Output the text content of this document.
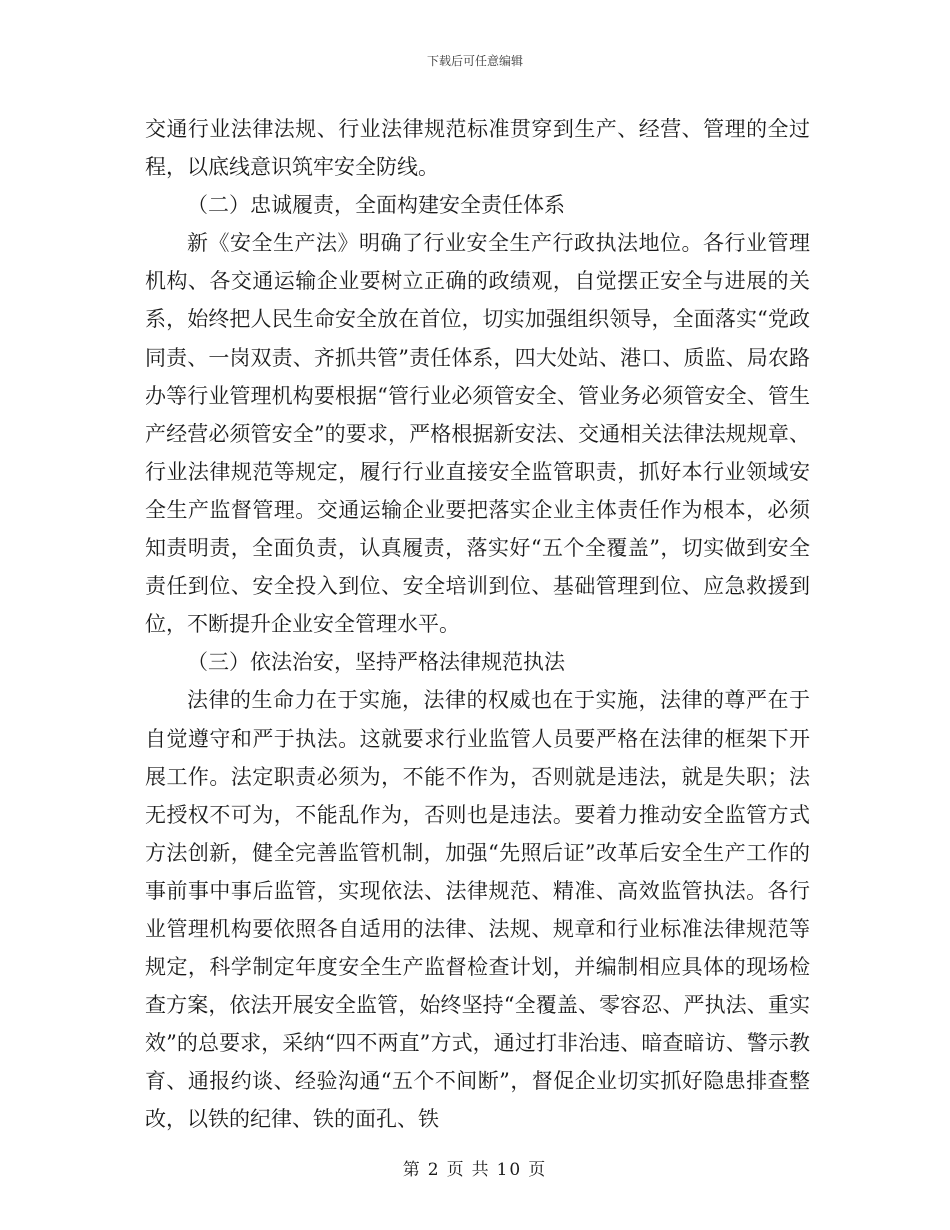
下载后可任意编辑

交通行业法律法规、行业法律规范标准贯穿到生产、经营、管理的全过程，以底线意识筑牢安全防线。

（二）忠诚履责，全面构建安全责任体系

新《安全生产法》明确了行业安全生产行政执法地位。各行业管理机构、各交通运输企业要树立正确的政绩观，自觉摆正安全与进展的关系，始终把人民生命安全放在首位，切实加强组织领导，全面落实“党政同责、一岗双责、齐抓共管”责任体系，四大处站、港口、质监、局农路办等行业管理机构要根据“管行业必须管安全、管业务必须管安全、管生产经营必须管安全”的要求，严格根据新安法、交通相关法律法规规章、行业法律规范等规定，履行行业直接安全监管职责，抓好本行业领域安全生产监督管理。交通运输企业要把落实企业主体责任作为根本，必须知责明责，全面负责，认真履责，落实好“五个全覆盖”，切实做到安全责任到位、安全投入到位、安全培训到位、基础管理到位、应急救援到位，不断提升企业安全管理水平。

（三）依法治安，坚持严格法律规范执法

法律的生命力在于实施，法律的权威也在于实施，法律的尊严在于自觉遵守和严于执法。这就要求行业监管人员要严格在法律的框架下开展工作。法定职责必须为，不能不作为，否则就是违法，就是失职；法无授权不可为，不能乱作为，否则也是违法。要着力推动安全监管方式方法创新，健全完善监管机制，加强“先照后证”改革后安全生产工作的事前事中事后监管，实现依法、法律规范、精准、高效监管执法。各行业管理机构要依照各自适用的法律、法规、规章和行业标准法律规范等规定，科学制定年度安全生产监督检查计划，并编制相应具体的现场检查方案，依法开展安全监管，始终坚持“全覆盖、零容忍、严执法、重实效”的总要求，采纳“四不两直”方式，通过打非治违、暗查暗访、警示教育、通报约谈、经验沟通“五个不间断”，督促企业切实抓好隐患排查整改，以铁的纪律、铁的面孔、铁

第 2 页 共 10 页
